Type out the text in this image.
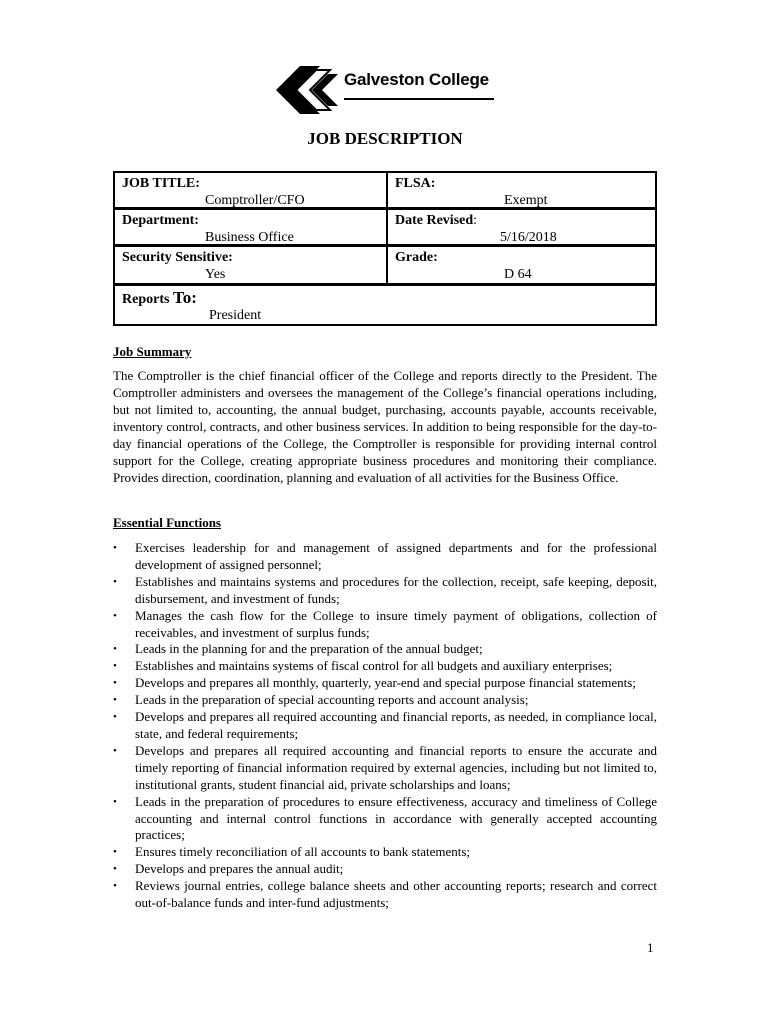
Galveston College
JOB DESCRIPTION
JOB TITLE:
Comptroller/CFO
FLSA:
Exempt
Department:
Business Office
Date Revised:
5/16/2018
Security Sensitive:
Yes
Grade:
D 64
Reports To:
President
Job Summary
The Comptroller is the chief financial officer of the College and reports directly to the President. The Comptroller administers and oversees the management of the College’s financial operations including, but not limited to, accounting, the annual budget, purchasing, accounts payable, accounts receivable, inventory control, contracts, and other business services. In addition to being responsible for the day-to-day financial operations of the College, the Comptroller is responsible for providing internal control support for the College, creating appropriate business procedures and monitoring their compliance. Provides direction, coordination, planning and evaluation of all activities for the Business Office.
Essential Functions
• Exercises leadership for and management of assigned departments and for the professional development of assigned personnel;
• Establishes and maintains systems and procedures for the collection, receipt, safe keeping, deposit, disbursement, and investment of funds;
• Manages the cash flow for the College to insure timely payment of obligations, collection of receivables, and investment of surplus funds;
• Leads in the planning for and the preparation of the annual budget;
• Establishes and maintains systems of fiscal control for all budgets and auxiliary enterprises;
• Develops and prepares all monthly, quarterly, year-end and special purpose financial statements;
• Leads in the preparation of special accounting reports and account analysis;
• Develops and prepares all required accounting and financial reports, as needed, in compliance local, state, and federal requirements;
• Develops and prepares all required accounting and financial reports to ensure the accurate and timely reporting of financial information required by external agencies, including but not limited to, institutional grants, student financial aid, private scholarships and loans;
• Leads in the preparation of procedures to ensure effectiveness, accuracy and timeliness of College accounting and internal control functions in accordance with generally accepted accounting practices;
• Ensures timely reconciliation of all accounts to bank statements;
• Develops and prepares the annual audit;
• Reviews journal entries, college balance sheets and other accounting reports; research and correct out-of-balance funds and inter-fund adjustments;
1
